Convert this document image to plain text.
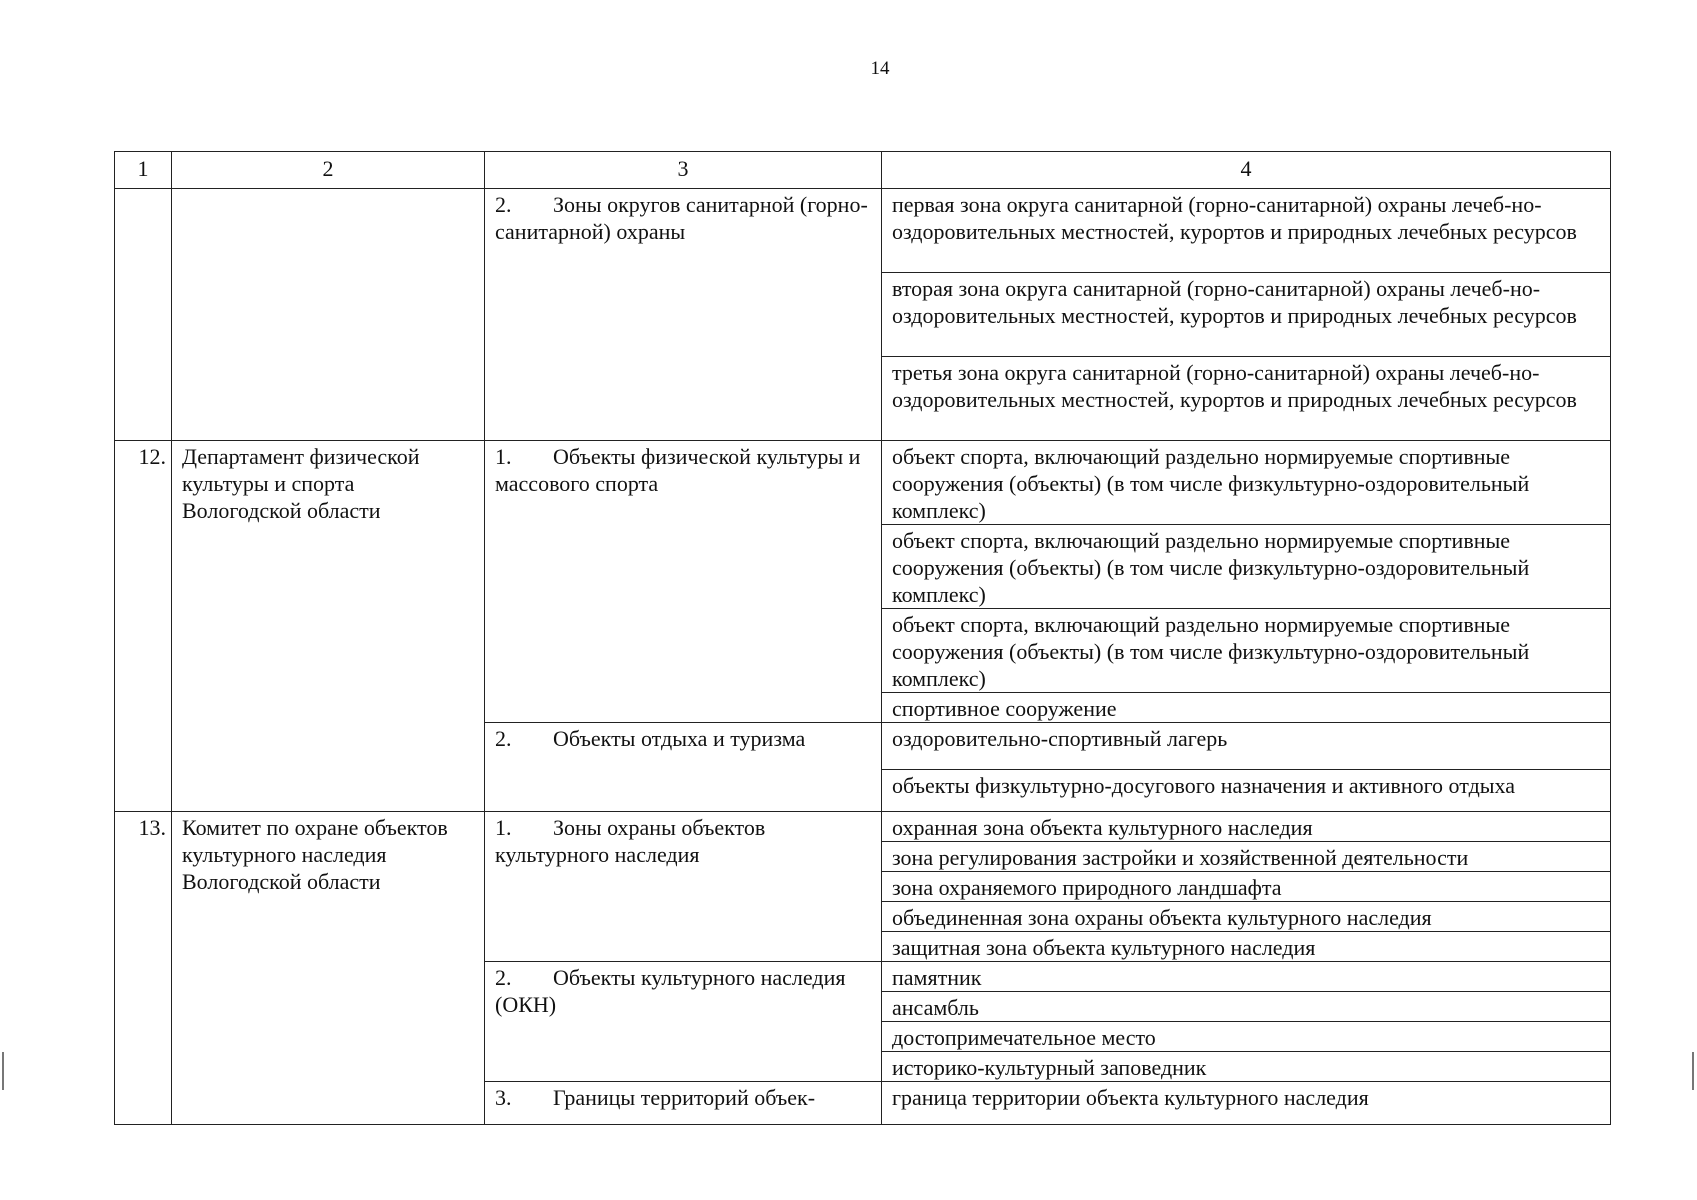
14
1	2	3	4
		2. Зоны округов санитарной (горно-санитарной) охраны	первая зона округа санитарной (горно-санитарной) охраны лечеб-но-оздоровительных местностей, курортов и природных лечебных ресурсов
			вторая зона округа санитарной (горно-санитарной) охраны лечеб-но-оздоровительных местностей, курортов и природных лечебных ресурсов
			третья зона округа санитарной (горно-санитарной) охраны лечеб-но-оздоровительных местностей, курортов и природных лечебных ресурсов
12.	Департамент физической культуры и спорта Вологодской области	1. Объекты физической культуры и массового спорта	объект спорта, включающий раздельно нормируемые спортивные сооружения (объекты) (в том числе физкультурно-оздоровительный комплекс)
			объект спорта, включающий раздельно нормируемые спортивные сооружения (объекты) (в том числе физкультурно-оздоровительный комплекс)
			объект спорта, включающий раздельно нормируемые спортивные сооружения (объекты) (в том числе физкультурно-оздоровительный комплекс)
			спортивное сооружение
		2. Объекты отдыха и туризма	оздоровительно-спортивный лагерь
			объекты физкультурно-досугового назначения и активного отдыха
13.	Комитет по охране объектов культурного наследия Вологодской области	1. Зоны охраны объектов культурного наследия	охранная зона объекта культурного наследия
			зона регулирования застройки и хозяйственной деятельности
			зона охраняемого природного ландшафта
			объединенная зона охраны объекта культурного наследия
			защитная зона объекта культурного наследия
		2. Объекты культурного наследия (ОКН)	памятник
			ансамбль
			достопримечательное место
			историко-культурный заповедник
		3. Границы территорий объек-	граница территории объекта культурного наследия
